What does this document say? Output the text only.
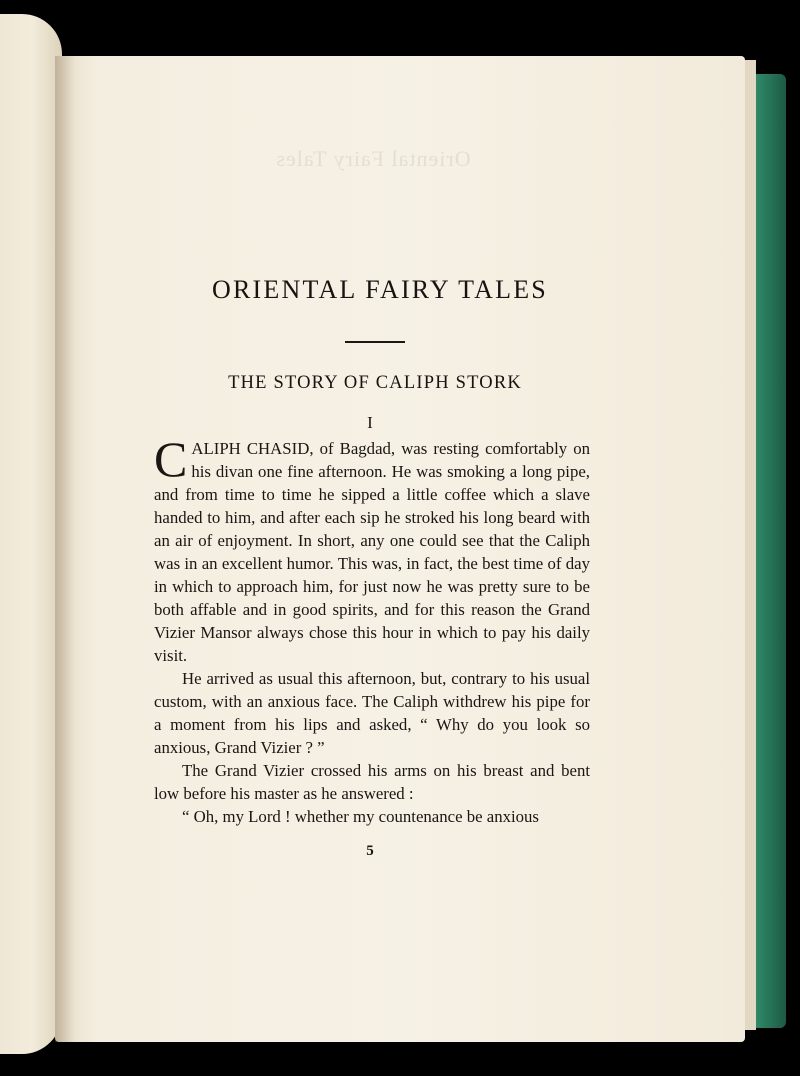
Oriental Fairy Tales
ORIENTAL FAIRY TALES
THE STORY OF CALIPH STORK
I

CALIPH CHASID, of Bagdad, was resting comfortably on his divan one fine afternoon. He was smoking a long pipe, and from time to time he sipped a little coffee which a slave handed to him, and after each sip he stroked his long beard with an air of enjoyment. In short, any one could see that the Caliph was in an excellent humor. This was, in fact, the best time of day in which to approach him, for just now he was pretty sure to be both affable and in good spirits, and for this reason the Grand Vizier Mansor always chose this hour in which to pay his daily visit.

He arrived as usual this afternoon, but, contrary to his usual custom, with an anxious face. The Caliph withdrew his pipe for a moment from his lips and asked, “ Why do you look so anxious, Grand Vizier ? ”

The Grand Vizier crossed his arms on his breast and bent low before his master as he answered :

“ Oh, my Lord ! whether my countenance be anxious

5
